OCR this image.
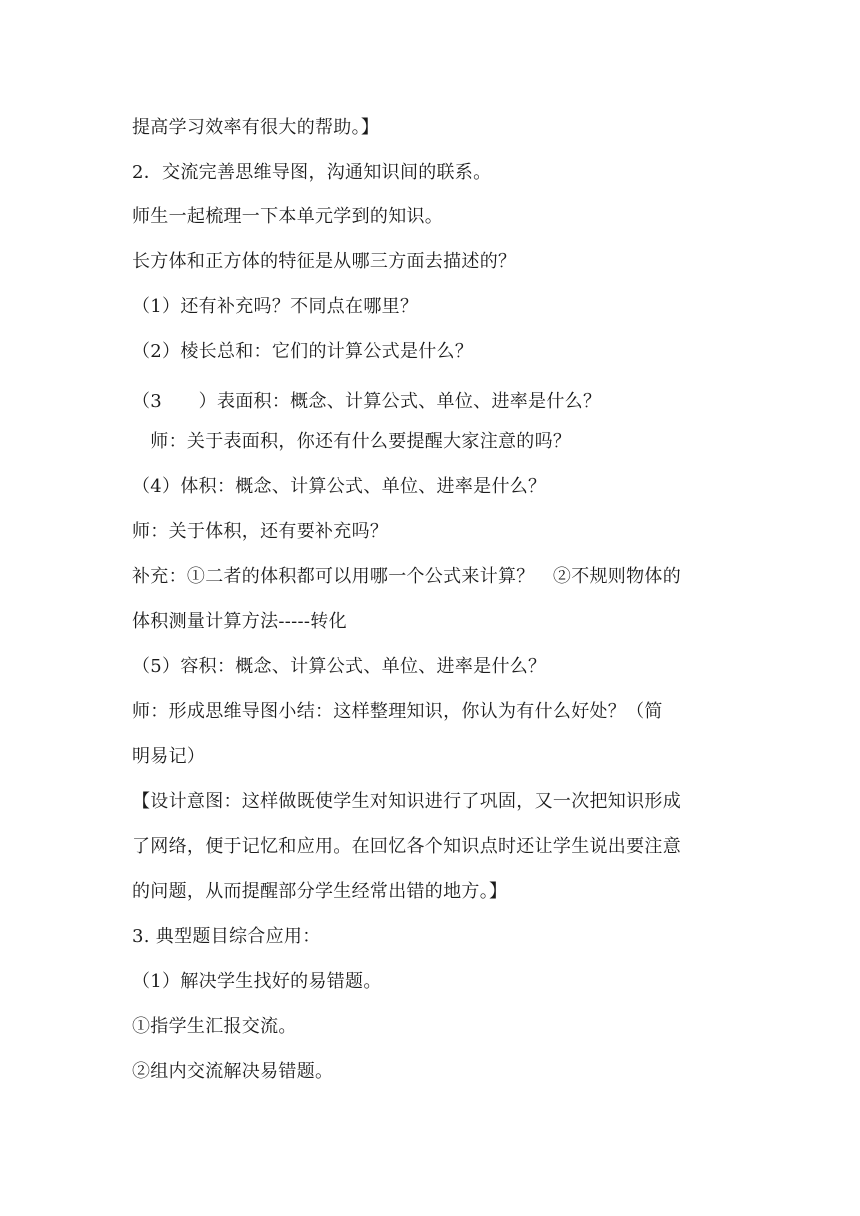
提高学习效率有很大的帮助。】
2．交流完善思维导图，沟通知识间的联系。
师生一起梳理一下本单元学到的知识。
长方体和正方体的特征是从哪三方面去描述的？
（1）还有补充吗？不同点在哪里？
（2）棱长总和：它们的计算公式是什么？
（3　　）表面积：概念、计算公式、单位、进率是什么？
　师：关于表面积，你还有什么要提醒大家注意的吗？
（4）体积：概念、计算公式、单位、进率是什么？
师：关于体积，还有要补充吗？
补充：①二者的体积都可以用哪一个公式来计算？　②不规则物体的
体积测量计算方法-----转化
（5）容积：概念、计算公式、单位、进率是什么？
师：形成思维导图小结：这样整理知识，你认为有什么好处？（简
明易记）
【设计意图：这样做既使学生对知识进行了巩固，又一次把知识形成
了网络，便于记忆和应用。在回忆各个知识点时还让学生说出要注意
的问题，从而提醒部分学生经常出错的地方。】
3. 典型题目综合应用：
（1）解决学生找好的易错题。
①指学生汇报交流。
②组内交流解决易错题。
